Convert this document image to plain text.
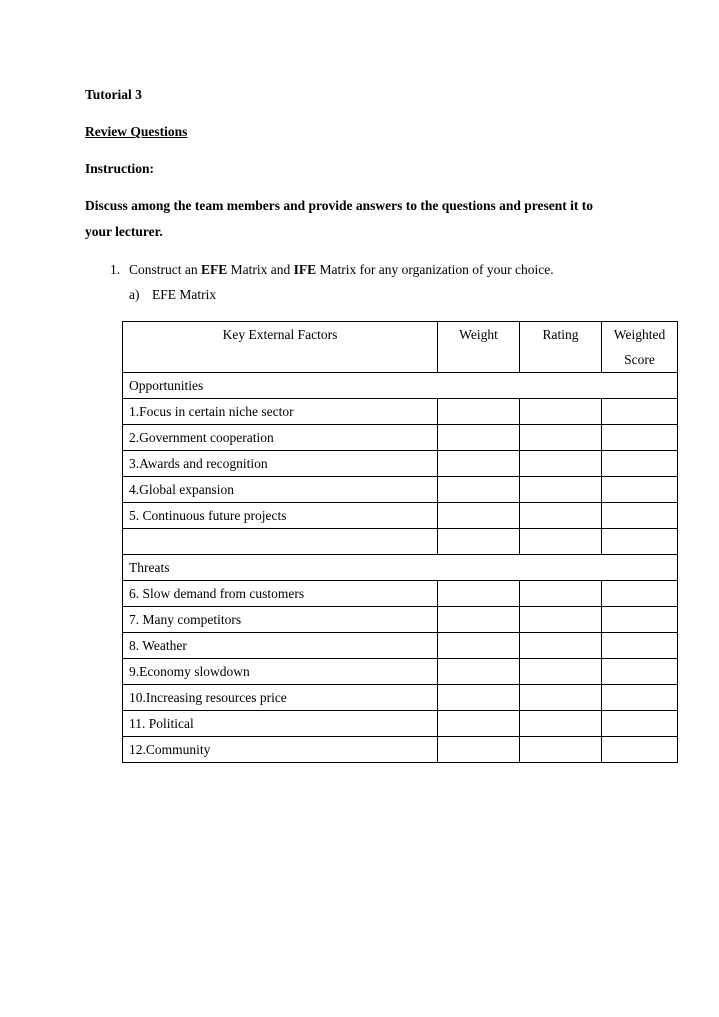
Tutorial 3
Review Questions
Instruction:
Discuss among the team members and provide answers to the questions and present it to
your lecturer.
1. Construct an EFE Matrix and IFE Matrix for any organization of your choice.
a) EFE Matrix
Key External Factors	Weight	Rating	Weighted
Score
Opportunities			
1.Focus in certain niche sector			
2.Government cooperation			
3.Awards and recognition			
4.Global expansion			
5. Continuous future projects			

Threats			
6. Slow demand from customers			
7. Many competitors			
8. Weather			
9.Economy slowdown			
10.Increasing resources price			
11. Political			
12.Community			
